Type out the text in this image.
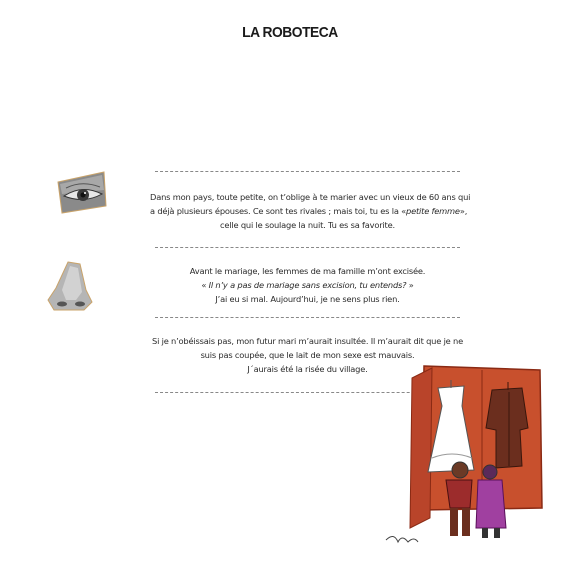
LA ROBOTECA
Dans mon pays, toute petite, on t’oblige à te marier avec un vieux de 60 ans qui
a déjà plusieurs épouses. Ce sont tes rivales ; mais toi, tu es la «petite femme»,
celle qui le soulage la nuit. Tu es sa favorite.
Avant le mariage, les femmes de ma famille m’ont excisée.
« Il n’y a pas de mariage sans excision, tu entends? »
J’ai eu si mal. Aujourd’hui, je ne sens plus rien.
Si je n’obéissais pas, mon futur mari m’aurait insultée. Il m’aurait dit que je ne
suis pas coupée, que le lait de mon sexe est mauvais.
J´aurais été la risée du village.
